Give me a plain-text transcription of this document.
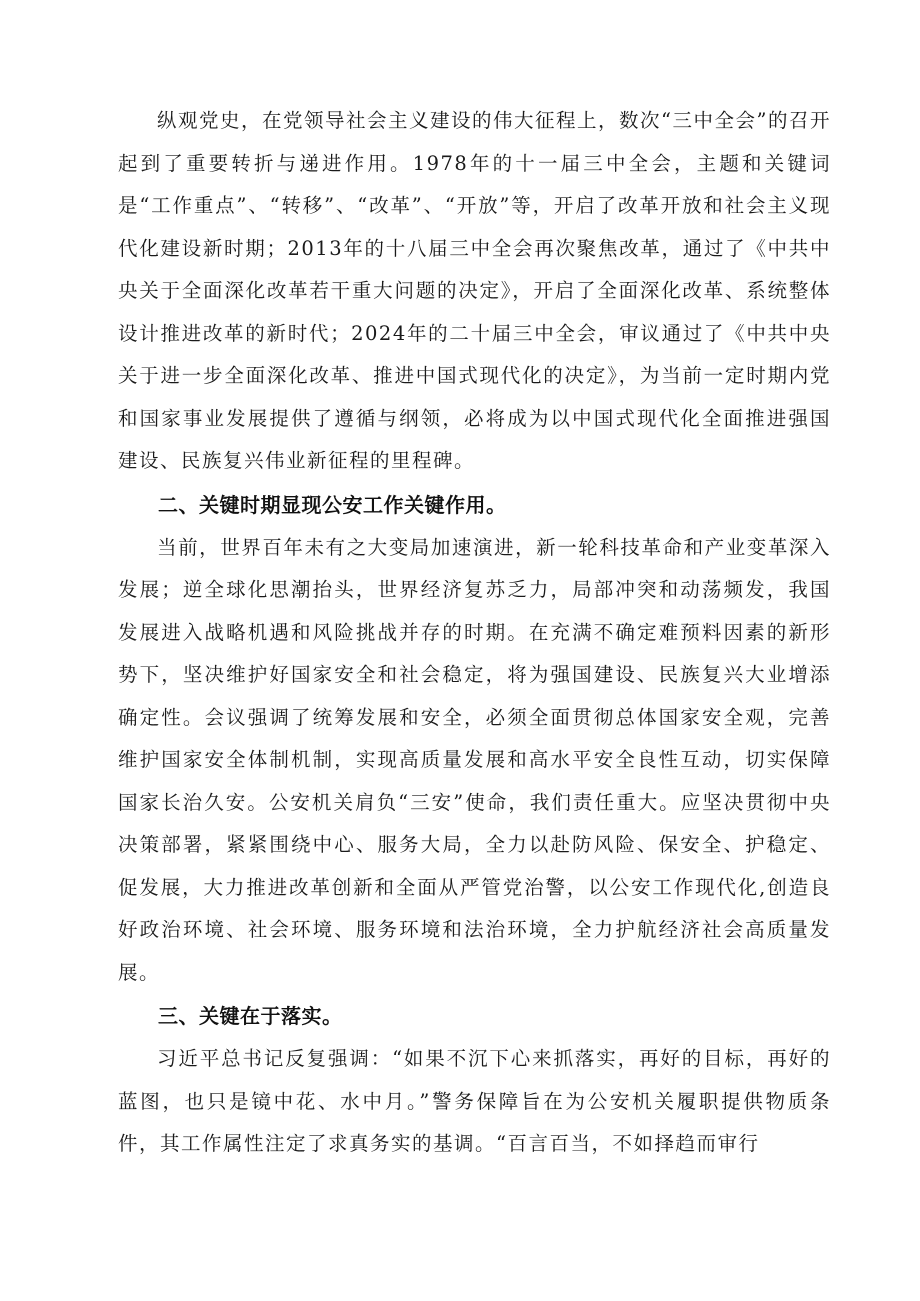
纵观党史，在党领导社会主义建设的伟大征程上，数次“三中全会”的召开起到了重要转折与递进作用。1978年的十一届三中全会，主题和关键词是“工作重点”、“转移”、“改革”、“开放”等，开启了改革开放和社会主义现代化建设新时期；2013年的十八届三中全会再次聚焦改革，通过了《中共中央关于全面深化改革若干重大问题的决定》，开启了全面深化改革、系统整体设计推进改革的新时代；2024年的二十届三中全会，审议通过了《中共中央关于进一步全面深化改革、推进中国式现代化的决定》，为当前一定时期内党和国家事业发展提供了遵循与纲领，必将成为以中国式现代化全面推进强国建设、民族复兴伟业新征程的里程碑。

二、关键时期显现公安工作关键作用。

当前，世界百年未有之大变局加速演进，新一轮科技革命和产业变革深入发展；逆全球化思潮抬头，世界经济复苏乏力，局部冲突和动荡频发，我国发展进入战略机遇和风险挑战并存的时期。在充满不确定难预料因素的新形势下，坚决维护好国家安全和社会稳定，将为强国建设、民族复兴大业增添确定性。会议强调了统筹发展和安全，必须全面贯彻总体国家安全观，完善维护国家安全体制机制，实现高质量发展和高水平安全良性互动，切实保障国家长治久安。公安机关肩负“三安”使命，我们责任重大。应坚决贯彻中央决策部署，紧紧围绕中心、服务大局，全力以赴防风险、保安全、护稳定、促发展，大力推进改革创新和全面从严管党治警，以公安工作现代化,创造良好政治环境、社会环境、服务环境和法治环境，全力护航经济社会高质量发展。

三、关键在于落实。

习近平总书记反复强调：“如果不沉下心来抓落实，再好的目标，再好的蓝图，也只是镜中花、水中月。”警务保障旨在为公安机关履职提供物质条件，其工作属性注定了求真务实的基调。“百言百当，不如择趋而审行
